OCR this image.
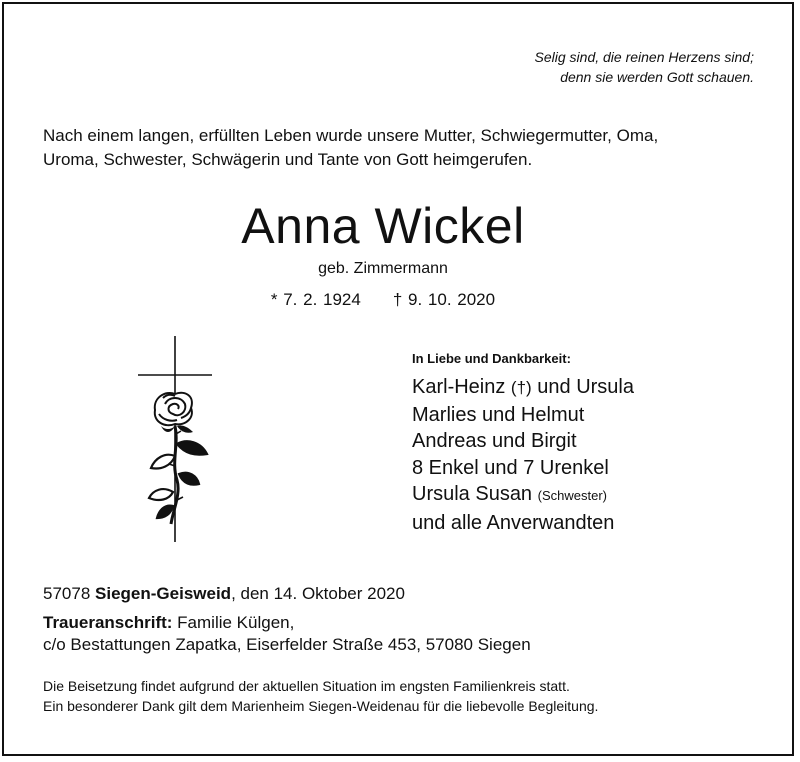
Selig sind, die reinen Herzens sind;
denn sie werden Gott schauen.
Nach einem langen, erfüllten Leben wurde unsere Mutter, Schwiegermutter, Oma,
Uroma, Schwester, Schwägerin und Tante von Gott heimgerufen.
Anna Wickel
geb. Zimmermann
* 7. 2. 1924 † 9. 10. 2020
In Liebe und Dankbarkeit:
Karl-Heinz (†) und Ursula
Marlies und Helmut
Andreas und Birgit
8 Enkel und 7 Urenkel
Ursula Susan (Schwester)
und alle Anverwandten
57078 Siegen-Geisweid, den 14. Oktober 2020
Traueranschrift: Familie Külgen,
c/o Bestattungen Zapatka, Eiserfelder Straße 453, 57080 Siegen
Die Beisetzung findet aufgrund der aktuellen Situation im engsten Familienkreis statt.
Ein besonderer Dank gilt dem Marienheim Siegen-Weidenau für die liebevolle Begleitung.
